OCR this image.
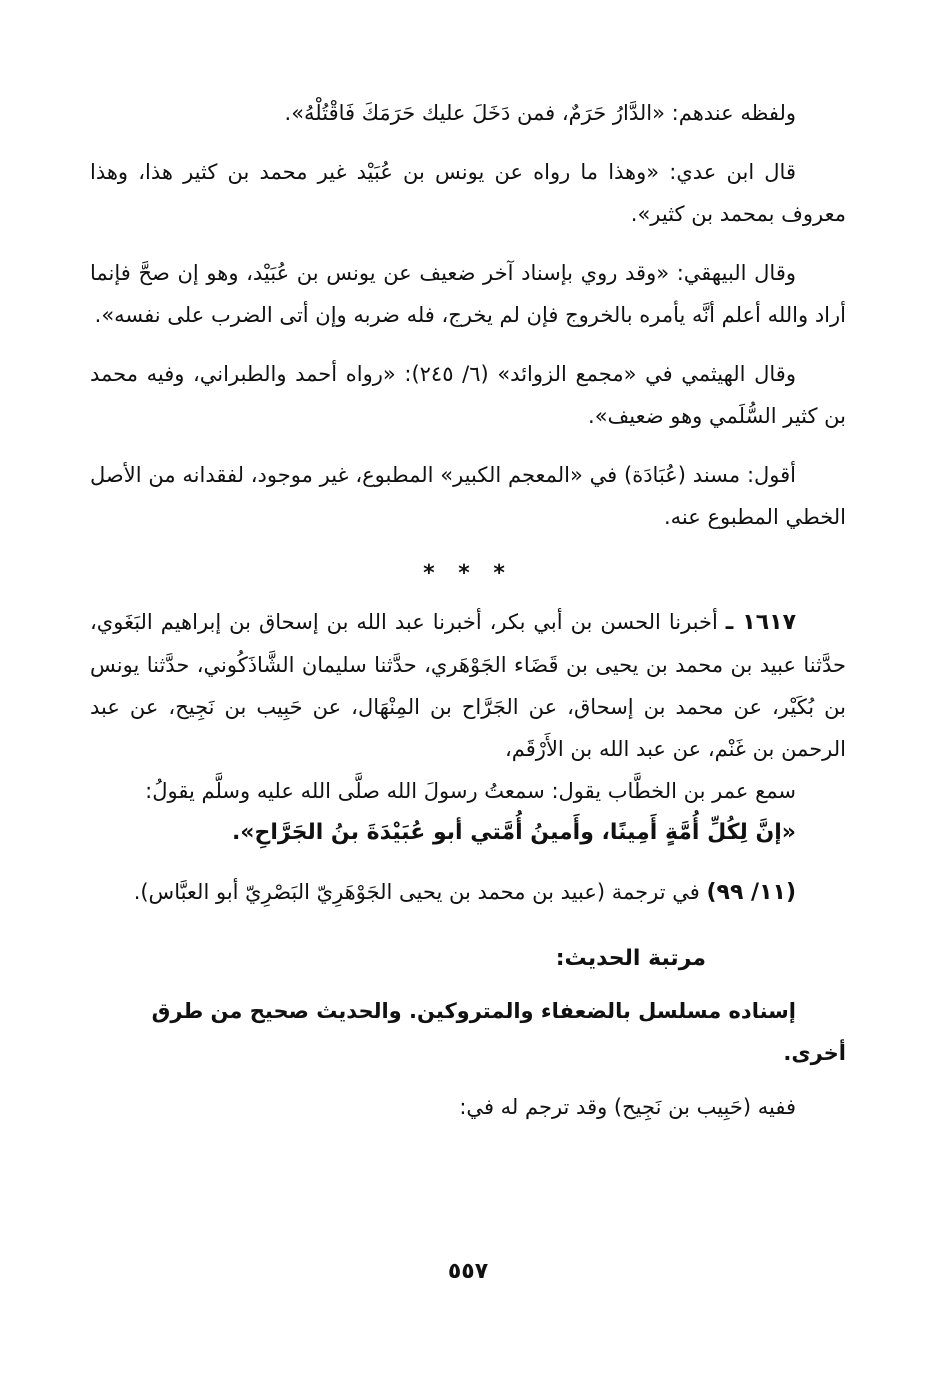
ولفظه عندهم: «الدَّارُ حَرَمٌ، فمن دَخَلَ عليك حَرَمَكَ فَاقْتُلْهُ».

قال ابن عدي: «وهذا ما رواه عن يونس بن عُبَيْد غير محمد بن كثير هذا، وهذا معروف بمحمد بن كثير».

وقال البيهقي: «وقد روي بإسناد آخر ضعيف عن يونس بن عُبَيْد، وهو إن صحَّ فإنما أراد والله أعلم أنَّه يأمره بالخروج فإن لم يخرج، فله ضربه وإن أتى الضرب على نفسه».

وقال الهيثمي في «مجمع الزوائد» (٦/ ٢٤٥): «رواه أحمد والطبراني، وفيه محمد بن كثير السُّلَمي وهو ضعيف».

أقول: مسند (عُبَادَة) في «المعجم الكبير» المطبوع، غير موجود، لفقدانه من الأصل الخطي المطبوع عنه.

* * *

١٦١٧ ـ أخبرنا الحسن بن أبي بكر، أخبرنا عبد الله بن إسحاق بن إبراهيم البَغَوي، حدَّثنا عبيد بن محمد بن يحيى بن قَضَاء الجَوْهَري، حدَّثنا سليمان الشَّاذَكُوني، حدَّثنا يونس بن بُكَيْر، عن محمد بن إسحاق، عن الجَرَّاح بن المِنْهَال، عن حَبِيب بن نَجِيح، عن عبد الرحمن بن غَنْم، عن عبد الله بن الأَرْقَم،

سمع عمر بن الخطَّاب يقول: سمعتُ رسولَ الله صلَّى الله عليه وسلَّم يقولُ:

«إنَّ لِكُلِّ أُمَّةٍ أَمِينًا، وأَمينُ أُمَّتي أبو عُبَيْدَةَ بنُ الجَرَّاحِ».

(١١/ ٩٩) في ترجمة (عبيد بن محمد بن يحيى الجَوْهَرِيّ البَصْرِيّ أبو العبَّاس).

مرتبة الحديث:

إسناده مسلسل بالضعفاء والمتروكين. والحديث صحيح من طرق أخرى.

ففيه (حَبِيب بن نَجِيح) وقد ترجم له في:

٥٥٧
